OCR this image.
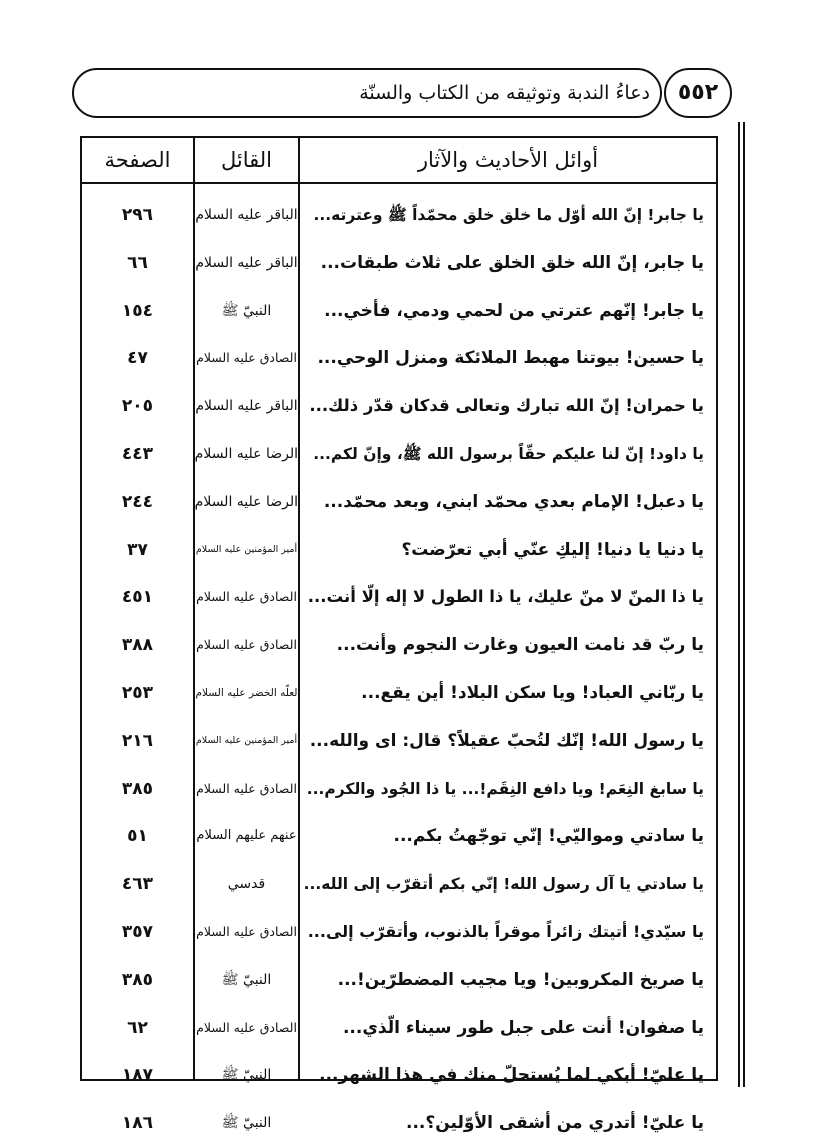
دعاءُ الندبة وتوثيقه من الكتاب والسنّة	٥٥٢
أوائل الأحاديث والآثار
القائل
الصفحة
يا جابر! إنّ الله أوّل ما خلق خلق محمّداً ﷺ وعترته...
الباقر عليه السلام
٢٩٦
يا جابر، إنّ الله خلق الخلق على ثلاث طبقات...
الباقر عليه السلام
٦٦
يا جابر! إنّهم عترتي من لحمي ودمي، فأخي...
النبيّ ﷺ
١٥٤
يا حسين! بيوتنا مهبط الملائكة ومنزل الوحي...
الصادق عليه السلام
٤٧
يا حمران! إنّ الله تبارك وتعالى قدكان قدّر ذلك...
الباقر عليه السلام
٢٠٥
يا داود! إنّ لنا عليكم حقّاً برسول الله ﷺ، وإنّ لكم...
الرضا عليه السلام
٤٤٣
يا دعبل! الإمام بعدي محمّد ابني، وبعد محمّد...
الرضا عليه السلام
٢٤٤
يا دنيا يا دنيا! إليكِ عنّي أبي تعرّضت؟
أمير المؤمنين عليه السلام
٣٧
يا ذا المنّ لا منّ عليك، يا ذا الطول لا إله إلّا أنت...
الصادق عليه السلام
٤٥١
يا ربّ قد نامت العيون وغارت النجوم وأنت...
الصادق عليه السلام
٣٨٨
يا ربّاني العباد! ويا سكن البلاد! أين يقع...
لعلّه الخضر عليه السلام
٢٥٣
يا رسول الله! إنّك لتُحبّ عقيلاً؟ قال: اى والله...
أمير المؤمنين عليه السلام
٢١٦
يا سابغ النِعَم! ويا دافع النِقَم!... يا ذا الجُود والكرم...
الصادق عليه السلام
٣٨٥
يا سادتي ومواليّي! إنّي توجّهتُ بكم...
عنهم عليهم السلام
٥١
يا سادتي يا آل رسول الله! إنّي بكم أتقرّب إلى الله...
قدسي
٤٦٣
يا سيّدي! أتيتك زائراً موقراً بالذنوب، وأتقرّب إلى...
الصادق عليه السلام
٣٥٧
يا صريخ المكروبين! ويا مجيب المضطرّين!...
النبيّ ﷺ
٣٨٥
يا صفوان! أنت على جبل طور سيناء الّذي...
الصادق عليه السلام
٦٢
يا عليّ! أبكي لما يُستحلّ منك في هذا الشهر...
النبيّ ﷺ
١٨٧
يا عليّ! أتدري من أشقى الأوّلين؟...
النبيّ ﷺ
١٨٦
